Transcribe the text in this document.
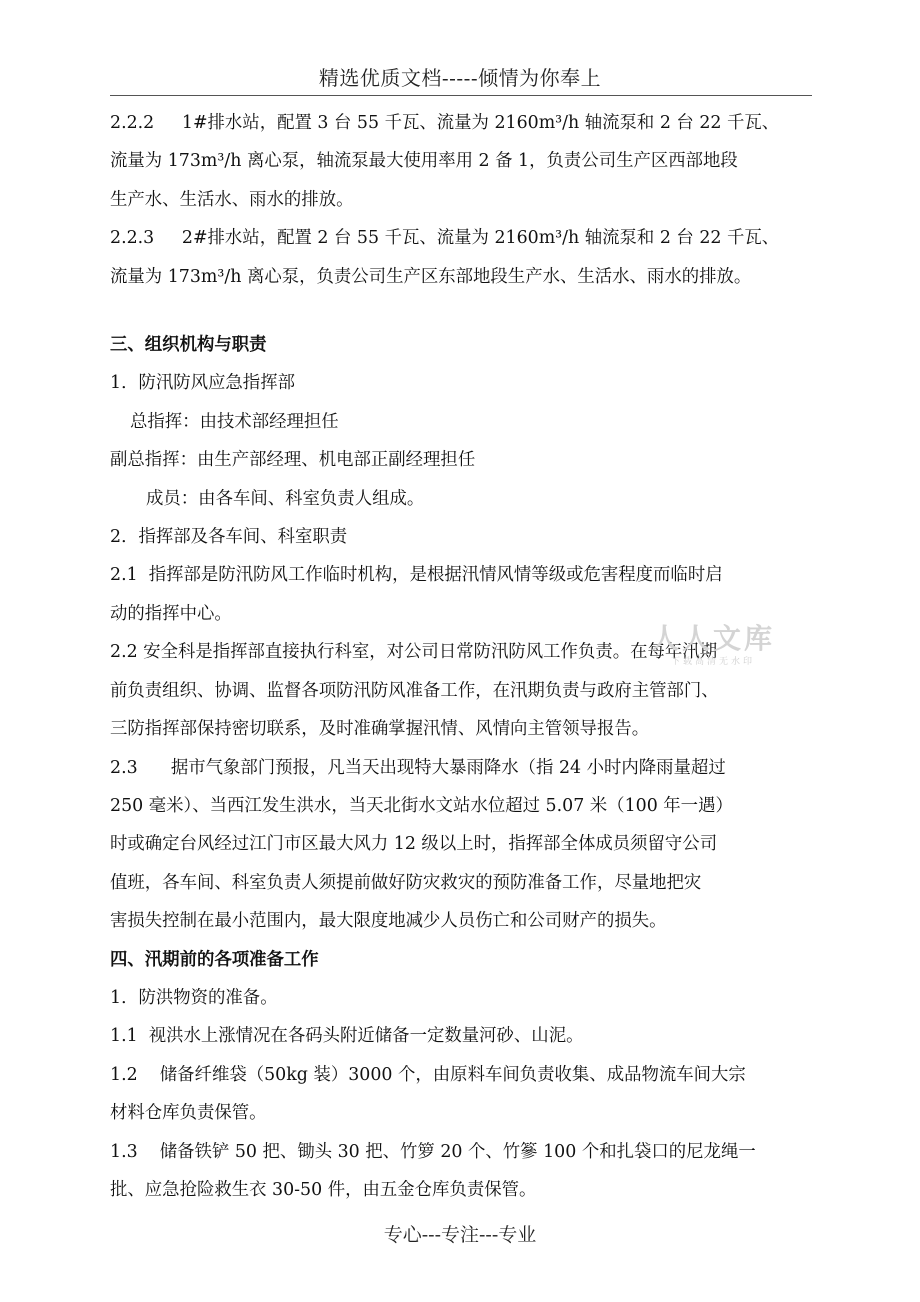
精选优质文档-----倾情为你奉上

2.2.2     1#排水站，配置 3 台 55 千瓦、流量为 2160m³/h 轴流泵和 2 台 22 千瓦、

流量为 173m³/h 离心泵，轴流泵最大使用率用 2 备 1，负责公司生产区西部地段

生产水、生活水、雨水的排放。

2.2.3     2#排水站，配置 2 台 55 千瓦、流量为 2160m³/h 轴流泵和 2 台 22 千瓦、

流量为 173m³/h 离心泵，负责公司生产区东部地段生产水、生活水、雨水的排放。

三、组织机构与职责

1．防汛防风应急指挥部

总指挥：由技术部经理担任

副总指挥：由生产部经理、机电部正副经理担任

成员：由各车间、科室负责人组成。

2．指挥部及各车间、科室职责

2.1  指挥部是防汛防风工作临时机构，是根据汛情风情等级或危害程度而临时启

动的指挥中心。

2.2 安全科是指挥部直接执行科室，对公司日常防汛防风工作负责。在每年汛期

前负责组织、协调、监督各项防汛防风准备工作，在汛期负责与政府主管部门、

三防指挥部保持密切联系，及时准确掌握汛情、风情向主管领导报告。

2.3      据市气象部门预报，凡当天出现特大暴雨降水（指 24 小时内降雨量超过

250 毫米）、当西江发生洪水，当天北街水文站水位超过 5.07 米（100 年一遇）

时或确定台风经过江门市区最大风力 12 级以上时，指挥部全体成员须留守公司

值班，各车间、科室负责人须提前做好防灾救灾的预防准备工作，尽量地把灾

害损失控制在最小范围内，最大限度地减少人员伤亡和公司财产的损失。

四、汛期前的各项准备工作

1．防洪物资的准备。

1.1  视洪水上涨情况在各码头附近储备一定数量河砂、山泥。

1.2    储备纤维袋（50kg 装）3000 个，由原料车间负责收集、成品物流车间大宗

材料仓库负责保管。

1.3    储备铁铲 50 把、锄头 30 把、竹箩 20 个、竹篸 100 个和扎袋口的尼龙绳一

批、应急抢险救生衣 30-50 件，由五金仓库负责保管。

人人文库
下载高清无水印
专心---专注---专业
